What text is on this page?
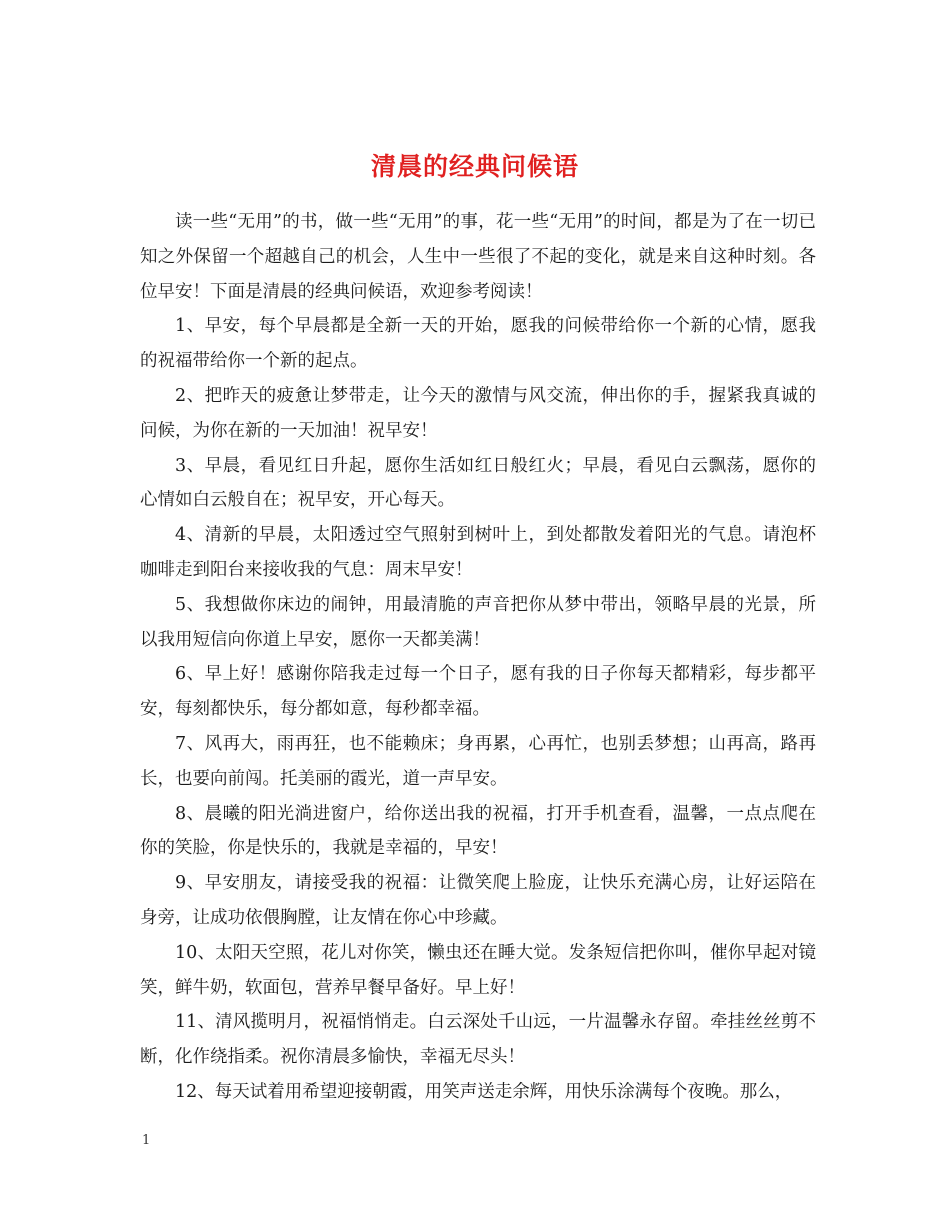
清晨的经典问候语

读一些“无用”的书，做一些“无用”的事，花一些“无用”的时间，都是为了在一切已知之外保留一个超越自己的机会，人生中一些很了不起的变化，就是来自这种时刻。各位早安！下面是清晨的经典问候语，欢迎参考阅读！

1、早安，每个早晨都是全新一天的开始，愿我的问候带给你一个新的心情，愿我的祝福带给你一个新的起点。

2、把昨天的疲惫让梦带走，让今天的激情与风交流，伸出你的手，握紧我真诚的问候，为你在新的一天加油！祝早安！

3、早晨，看见红日升起，愿你生活如红日般红火；早晨，看见白云飘荡，愿你的心情如白云般自在；祝早安，开心每天。

4、清新的早晨，太阳透过空气照射到树叶上，到处都散发着阳光的气息。请泡杯咖啡走到阳台来接收我的气息：周末早安！

5、我想做你床边的闹钟，用最清脆的声音把你从梦中带出，领略早晨的光景，所以我用短信向你道上早安，愿你一天都美满！

6、早上好！感谢你陪我走过每一个日子，愿有我的日子你每天都精彩，每步都平安，每刻都快乐，每分都如意，每秒都幸福。

7、风再大，雨再狂，也不能赖床；身再累，心再忙，也别丢梦想；山再高，路再长，也要向前闯。托美丽的霞光，道一声早安。

8、晨曦的阳光淌进窗户，给你送出我的祝福，打开手机查看，温馨，一点点爬在你的笑脸，你是快乐的，我就是幸福的，早安！

9、早安朋友，请接受我的祝福：让微笑爬上脸庞，让快乐充满心房，让好运陪在身旁，让成功依偎胸膛，让友情在你心中珍藏。

10、太阳天空照，花儿对你笑，懒虫还在睡大觉。发条短信把你叫，催你早起对镜笑，鲜牛奶，软面包，营养早餐早备好。早上好！

11、清风揽明月，祝福悄悄走。白云深处千山远，一片温馨永存留。牵挂丝丝剪不断，化作绕指柔。祝你清晨多愉快，幸福无尽头！

12、每天试着用希望迎接朝霞，用笑声送走余辉，用快乐涂满每个夜晚。那么，

1
